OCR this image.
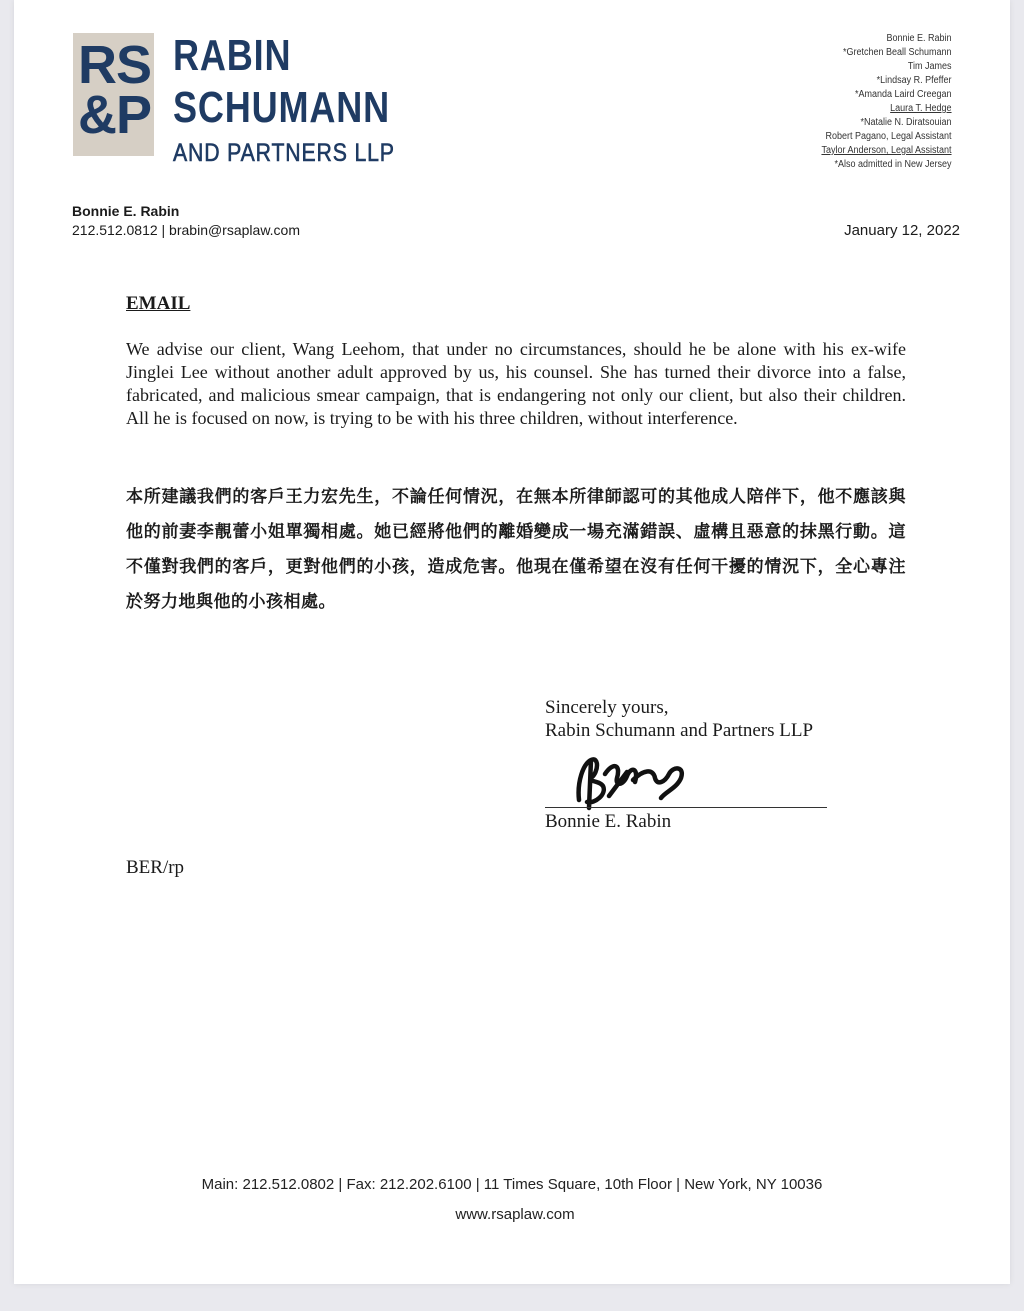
RS
&P
RABIN
SCHUMANN
AND PARTNERS LLP
Bonnie E. Rabin
*Gretchen Beall Schumann
Tim James
*Lindsay R. Pfeffer
*Amanda Laird Creegan
Laura T. Hedge
*Natalie N. Diratsouian
Robert Pagano, Legal Assistant
Taylor Anderson, Legal Assistant
*Also admitted in New Jersey
Bonnie E. Rabin
212.512.0812 | brabin@rsaplaw.com	January 12, 2022
EMAIL
We advise our client, Wang Leehom, that under no circumstances, should he be alone with his ex-wife Jinglei Lee without another adult approved by us, his counsel. She has turned their divorce into a false, fabricated, and malicious smear campaign, that is endangering not only our client, but also their children. All he is focused on now, is trying to be with his three children, without interference.
本所建議我們的客戶王力宏先生，不論任何情況，在無本所律師認可的其他成人陪伴下，他不應該與他的前妻李靚蕾小姐單獨相處。她已經將他們的離婚變成一場充滿錯誤、虛構且惡意的抹黑行動。這不僅對我們的客戶，更對他們的小孩，造成危害。他現在僅希望在沒有任何干擾的情況下，全心專注於努力地與他的小孩相處。
Sincerely yours,
Rabin Schumann and Partners LLP
Bonnie E. Rabin
BER/rp
Main: 212.512.0802 | Fax: 212.202.6100 | 11 Times Square, 10th Floor | New York, NY 10036
www.rsaplaw.com
